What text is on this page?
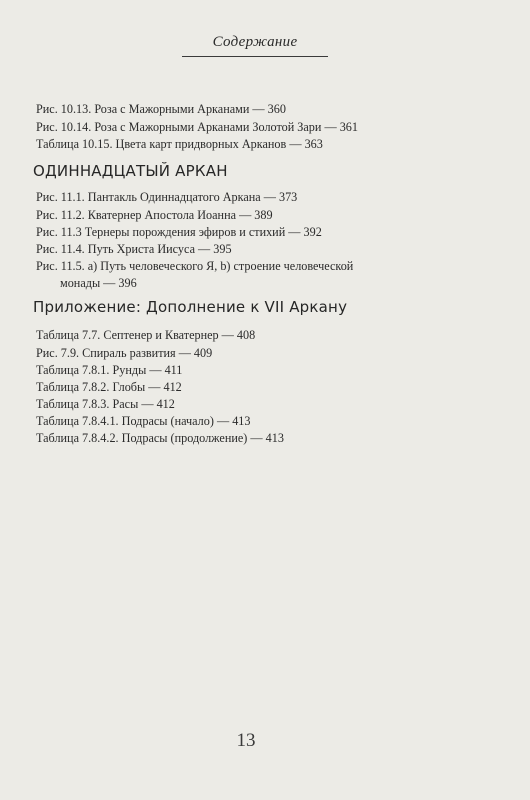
Содержание
Рис. 10.13. Роза с Мажорными Арканами — 360
Рис. 10.14. Роза с Мажорными Арканами Золотой Зари — 361
Таблица 10.15. Цвета карт придворных Арканов — 363
ОДИННАДЦАТЫЙ АРКАН
Рис. 11.1. Пантакль Одиннадцатого Аркана — 373
Рис. 11.2. Кватернер Апостола Иоанна — 389
Рис. 11.3 Тернеры порождения эфиров и стихий — 392
Рис. 11.4. Путь Христа Иисуса — 395
Рис. 11.5. а) Путь человеческого Я, b) строение человеческой
монады — 396
Приложение: Дополнение к VII Аркану
Таблица 7.7. Септенер и Кватернер — 408
Рис. 7.9. Спираль развития — 409
Таблица 7.8.1. Рунды — 411
Таблица 7.8.2. Глобы — 412
Таблица 7.8.3. Расы — 412
Таблица 7.8.4.1. Подрасы (начало) — 413
Таблица 7.8.4.2. Подрасы (продолжение) — 413
13
